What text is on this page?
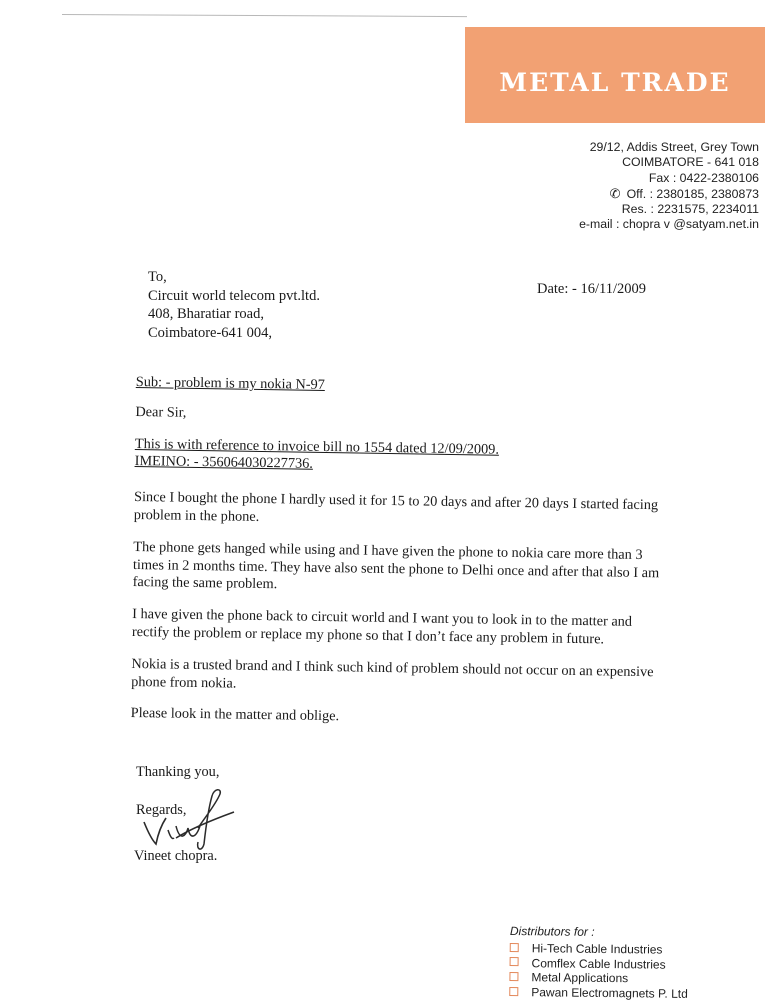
METAL TRADE
29/12, Addis Street, Grey Town
COIMBATORE - 641 018
Fax : 0422-2380106
✆ Off. : 2380185, 2380873
Res. : 2231575, 2234011
e-mail : chopra v @satyam.net.in
To,
Circuit world telecom pvt.ltd.
408, Bharatiar road,
Coimbatore-641 004,
Date: - 16/11/2009

Sub: - problem is my nokia N-97

Dear Sir,

This is with reference to invoice bill no 1554 dated 12/09/2009.
IMEINO: - 356064030227736.

Since I bought the phone I hardly used it for 15 to 20 days and after 20 days I started facing problem in the phone.

The phone gets hanged while using and I have given the phone to nokia care more than 3 times in 2 months time. They have also sent the phone to Delhi once and after that also I am facing the same problem.

I have given the phone back to circuit world and I want you to look in to the matter and rectify the problem or replace my phone so that I don’t face any problem in future.

Nokia is a trusted brand and I think such kind of problem should not occur on an expensive phone from nokia.

Please look in the matter and oblige.

Thanking you,
Regards,
Vineet chopra.
Distributors for :
Hi-Tech Cable Industries
Comflex Cable Industries
Metal Applications
Pawan Electromagnets P. Ltd
